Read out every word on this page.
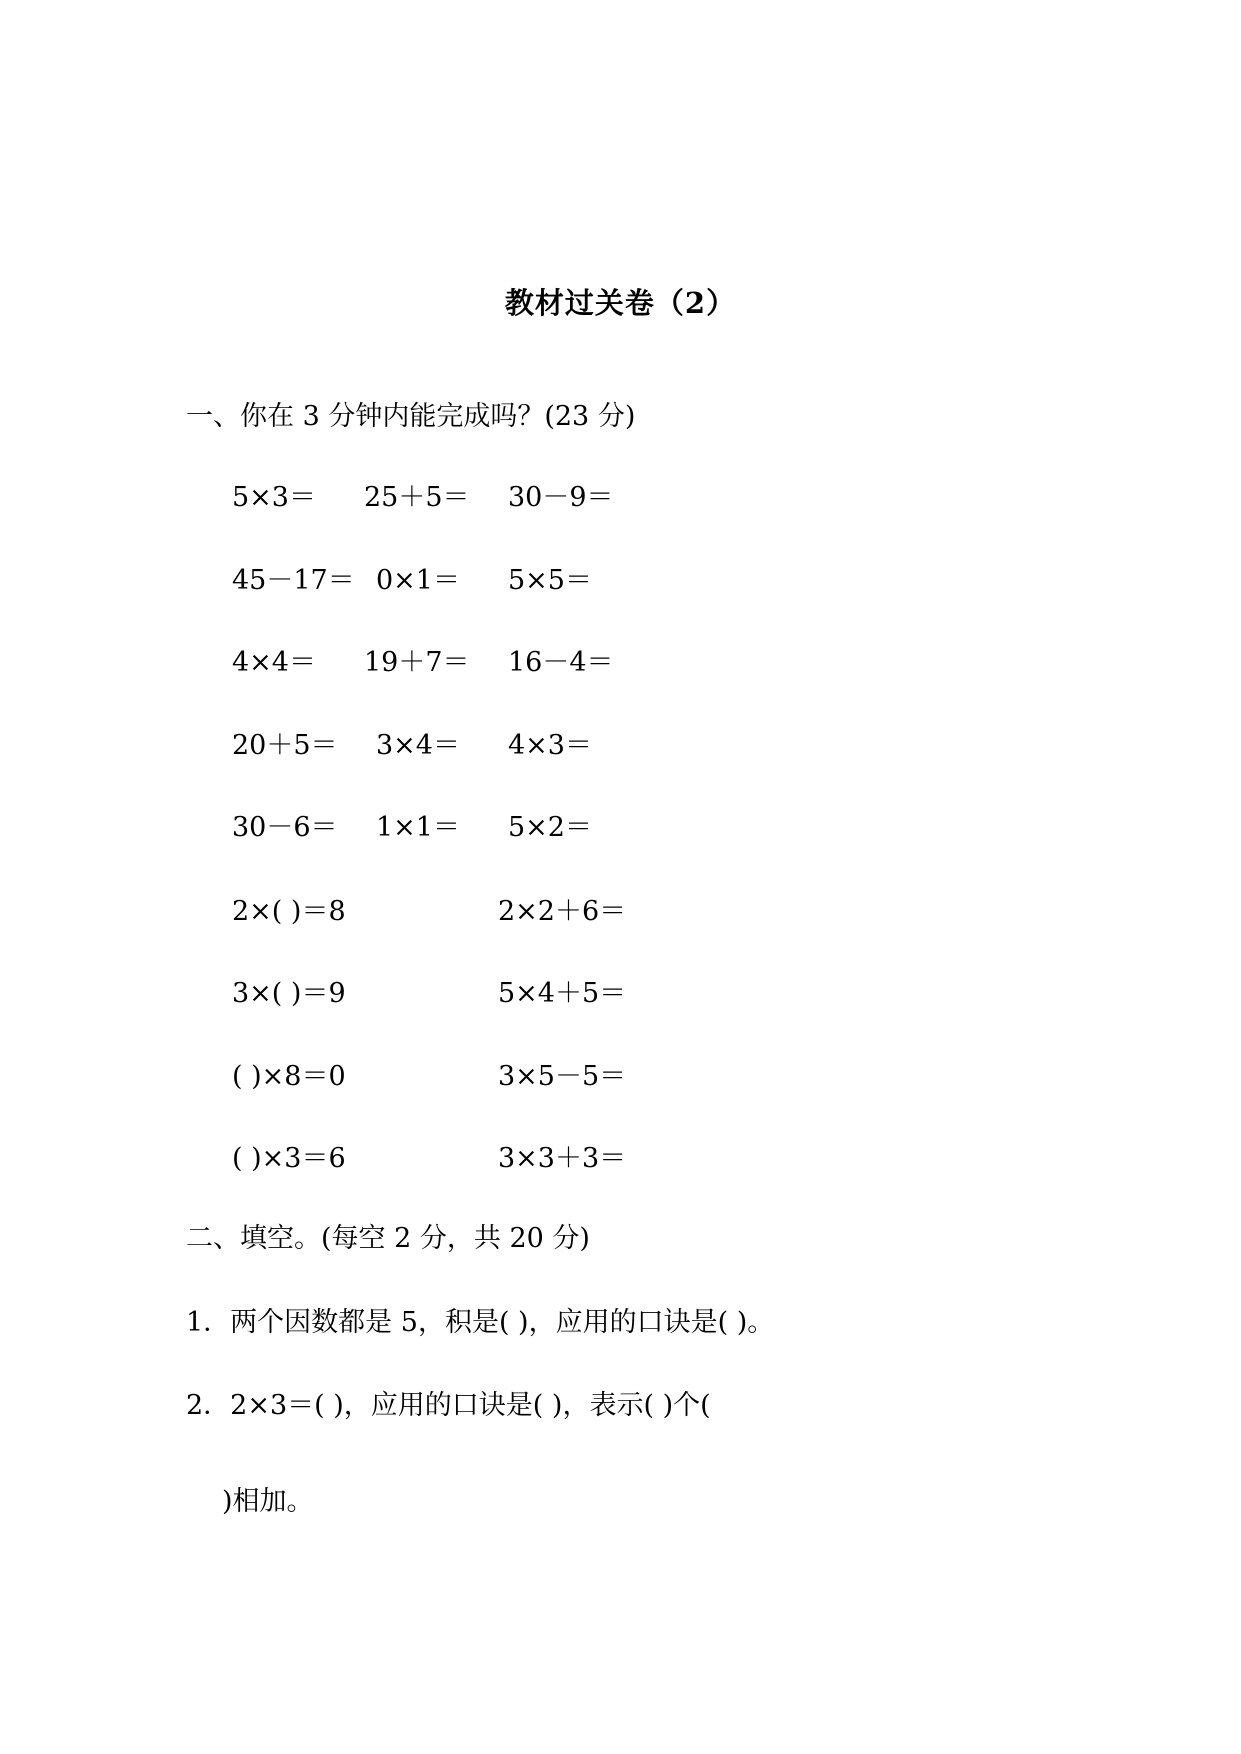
教材过关卷（2）
一、你在 3 分钟内能完成吗？(23 分)
5×3＝ 25＋5＝ 30－9＝
45－17＝ 0×1＝ 5×5＝
4×4＝ 19＋7＝ 16－4＝
20＋5＝ 3×4＝ 4×3＝
30－6＝ 1×1＝ 5×2＝
2×( )＝8	2×2＋6＝
3×( )＝9	5×4＋5＝
( )×8＝0	3×5－5＝
( )×3＝6	3×3＋3＝
二、填空。(每空 2 分，共 20 分)
1．两个因数都是 5，积是( )，应用的口诀是( )。
2．2×3＝( )，应用的口诀是( )，表示( )个(
)相加。
